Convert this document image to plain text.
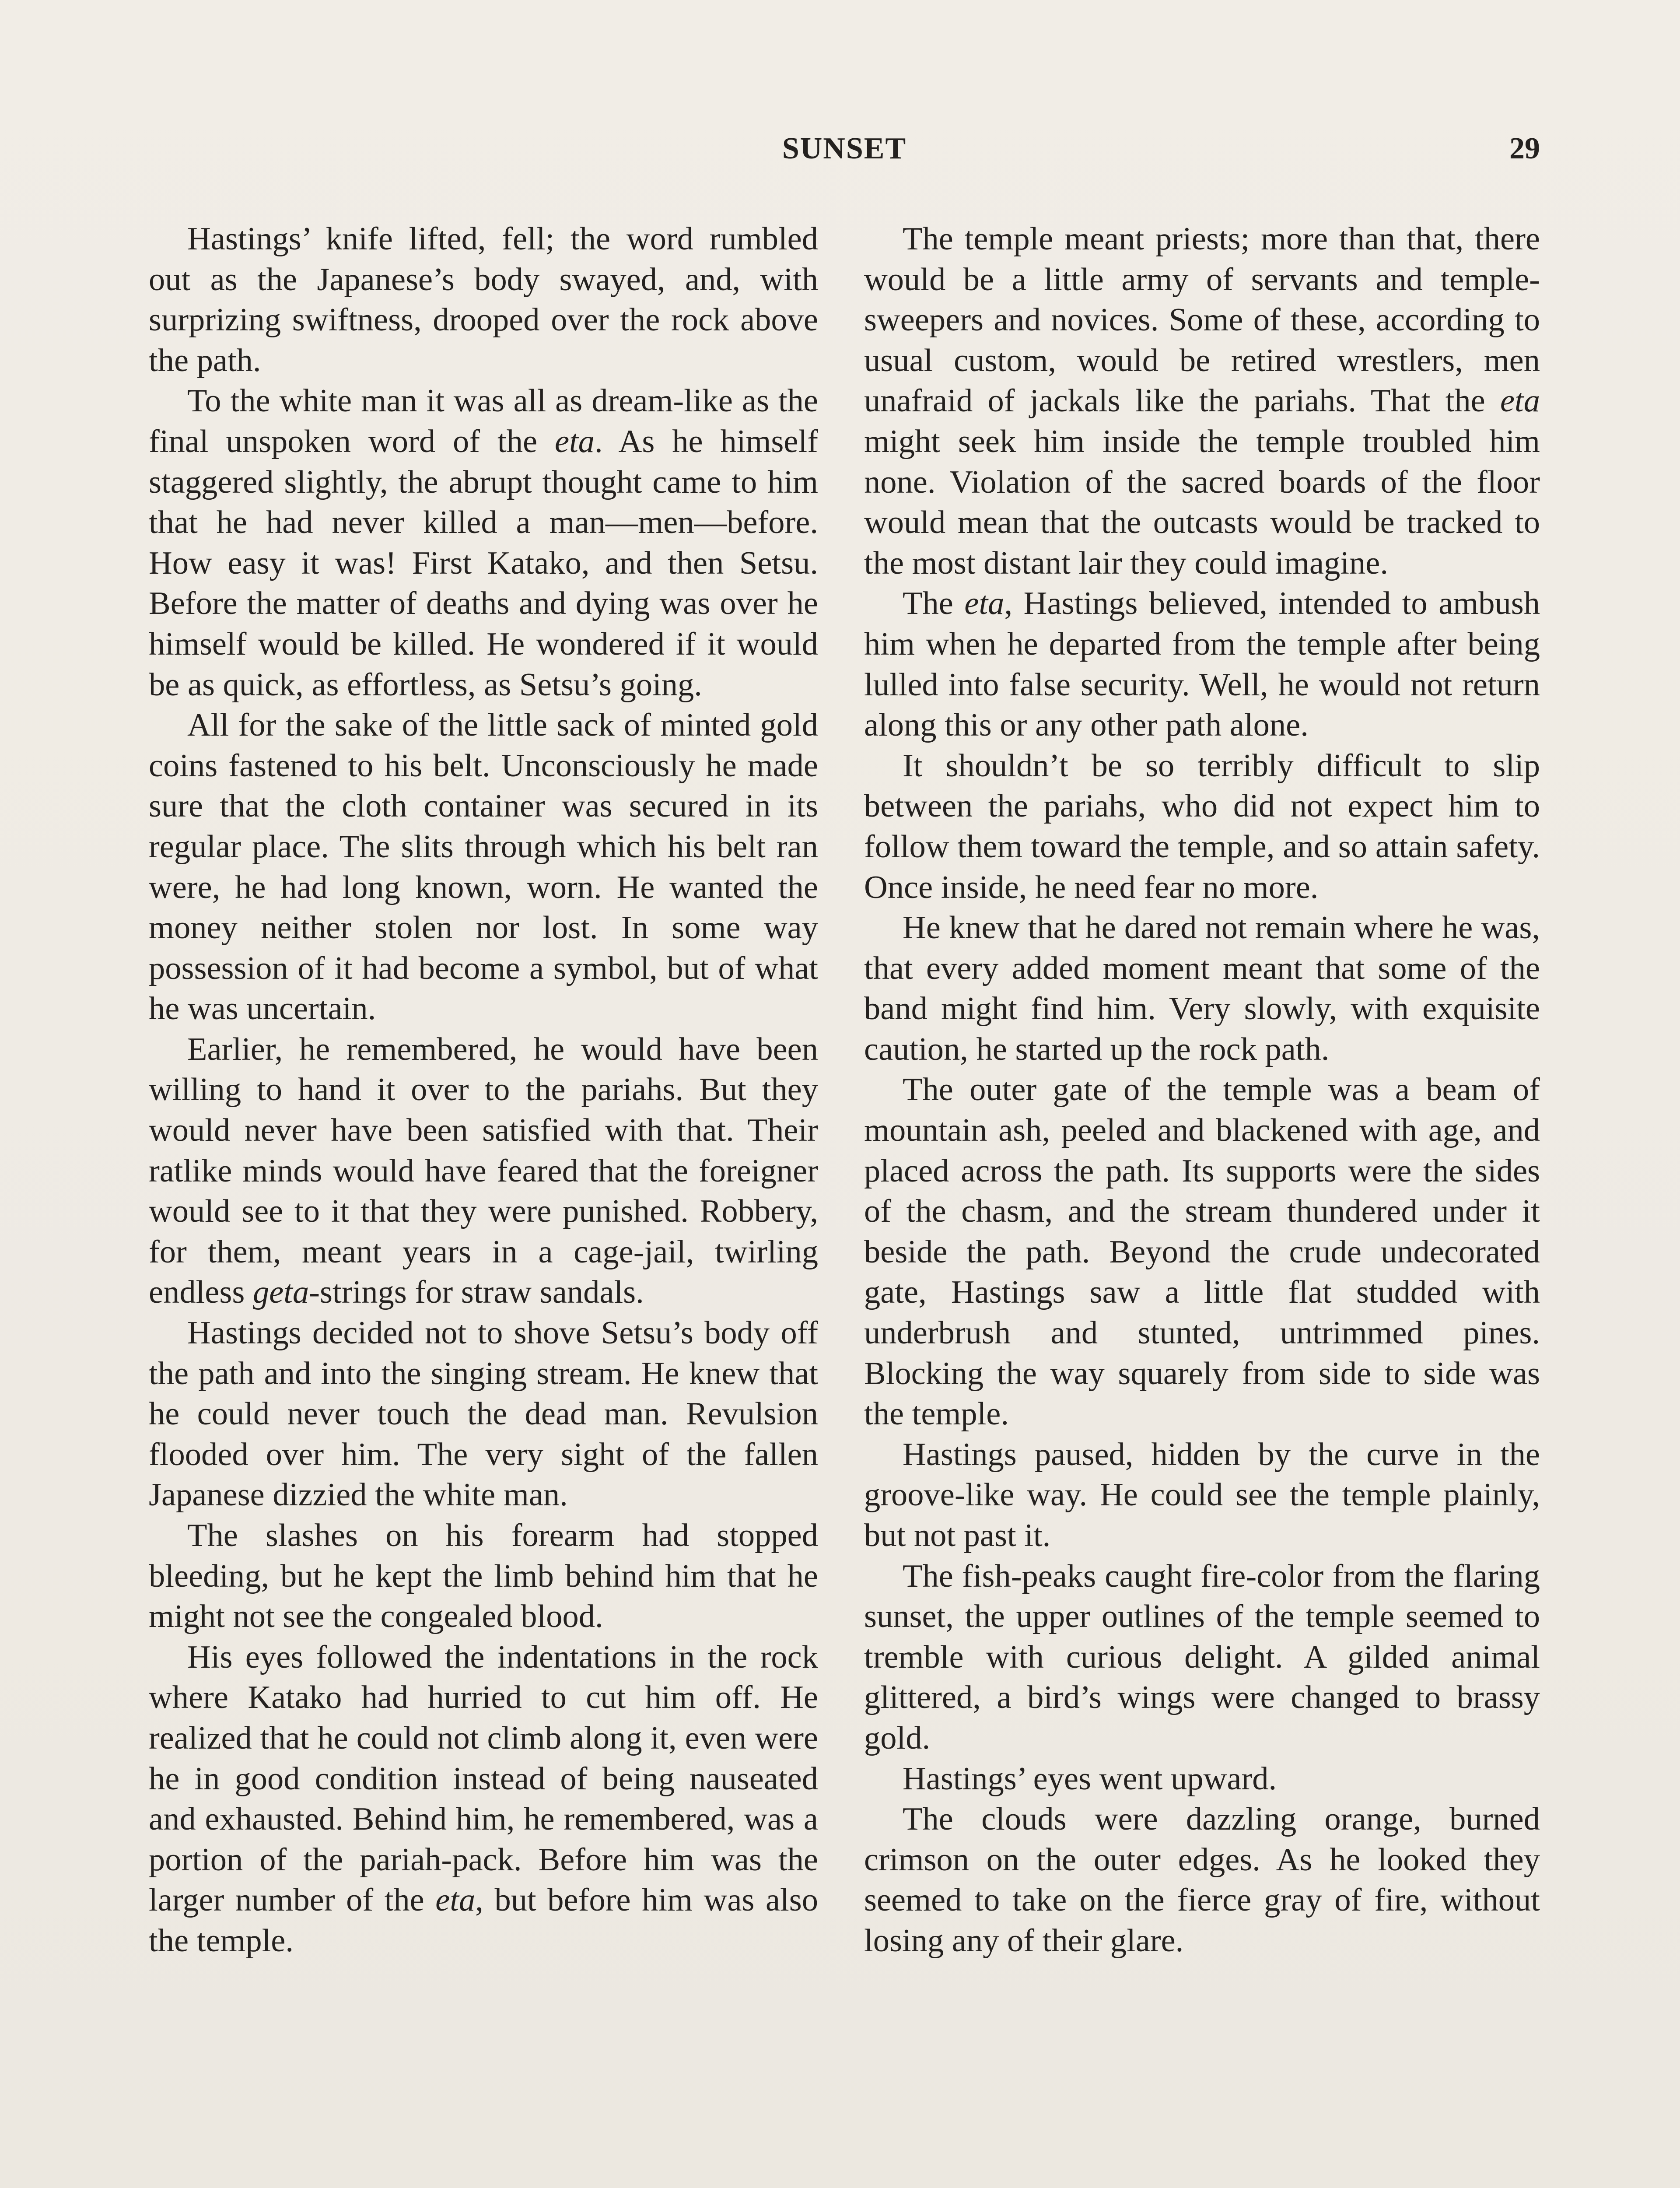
SUNSET	29

Hastings’ knife lifted, fell; the word rumbled out as the Japanese’s body swayed, and, with surprizing swiftness, drooped over the rock above the path.

To the white man it was all as dream-like as the final unspoken word of the eta. As he himself staggered slightly, the abrupt thought came to him that he had never killed a man—men—before. How easy it was! First Katako, and then Setsu. Before the matter of deaths and dying was over he himself would be killed. He wondered if it would be as quick, as effortless, as Setsu’s going.

All for the sake of the little sack of minted gold coins fastened to his belt. Unconsciously he made sure that the cloth container was secured in its regular place. The slits through which his belt ran were, he had long known, worn. He wanted the money neither stolen nor lost. In some way possession of it had become a symbol, but of what he was uncertain.

Earlier, he remembered, he would have been willing to hand it over to the pariahs. But they would never have been satisfied with that. Their ratlike minds would have feared that the foreigner would see to it that they were punished. Robbery, for them, meant years in a cage-jail, twirling endless geta-strings for straw sandals.

Hastings decided not to shove Setsu’s body off the path and into the singing stream. He knew that he could never touch the dead man. Revulsion flooded over him. The very sight of the fallen Japanese dizzied the white man.

The slashes on his forearm had stopped bleeding, but he kept the limb behind him that he might not see the congealed blood.

His eyes followed the indentations in the rock where Katako had hurried to cut him off. He realized that he could not climb along it, even were he in good condition instead of being nauseated and exhausted. Behind him, he remembered, was a portion of the pariah-pack. Before him was the larger number of the eta, but before him was also the temple.

The temple meant priests; more than that, there would be a little army of servants and temple-sweepers and novices. Some of these, according to usual custom, would be retired wrestlers, men unafraid of jackals like the pariahs. That the eta might seek him inside the temple troubled him none. Violation of the sacred boards of the floor would mean that the outcasts would be tracked to the most distant lair they could imagine.

The eta, Hastings believed, intended to ambush him when he departed from the temple after being lulled into false security. Well, he would not return along this or any other path alone.

It shouldn’t be so terribly difficult to slip between the pariahs, who did not expect him to follow them toward the temple, and so attain safety. Once inside, he need fear no more.

He knew that he dared not remain where he was, that every added moment meant that some of the band might find him. Very slowly, with exquisite caution, he started up the rock path.

The outer gate of the temple was a beam of mountain ash, peeled and blackened with age, and placed across the path. Its supports were the sides of the chasm, and the stream thundered under it beside the path. Beyond the crude undecorated gate, Hastings saw a little flat studded with underbrush and stunted, untrimmed pines. Blocking the way squarely from side to side was the temple.

Hastings paused, hidden by the curve in the groove-like way. He could see the temple plainly, but not past it.

The fish-peaks caught fire-color from the flaring sunset, the upper outlines of the temple seemed to tremble with curious delight. A gilded animal glittered, a bird’s wings were changed to brassy gold.

Hastings’ eyes went upward.

The clouds were dazzling orange, burned crimson on the outer edges. As he looked they seemed to take on the fierce gray of fire, without losing any of their glare.
